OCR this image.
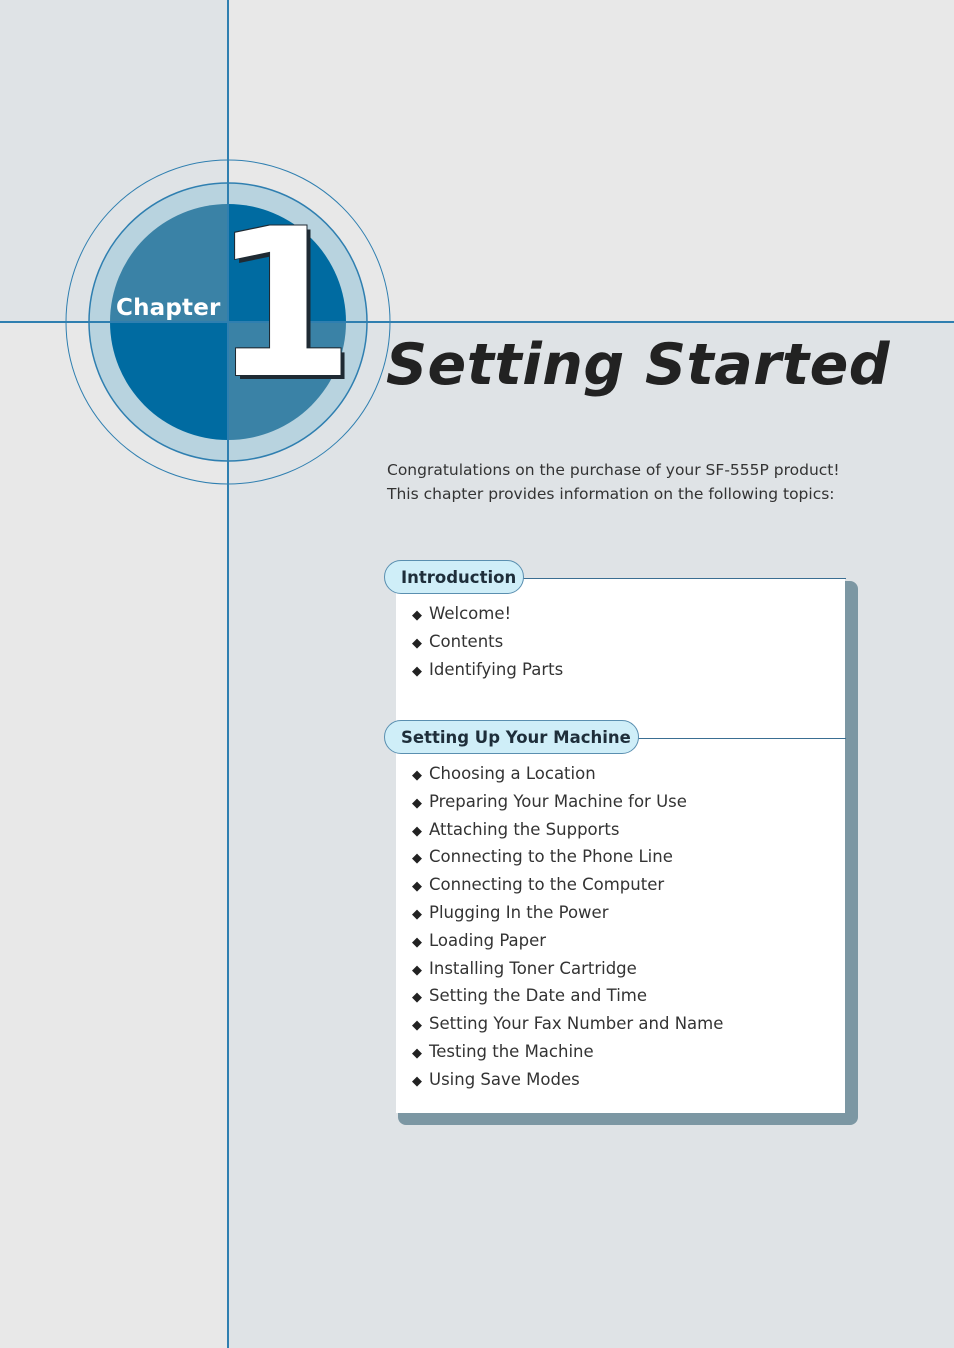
Chapter
1 Setting Started

Congratulations on the purchase of your SF-555P product!

This chapter provides information on the following topics:

Introduction
◆ Welcome!
◆ Contents
◆ Identifying Parts
Setting Up Your Machine
◆ Choosing a Location
◆ Preparing Your Machine for Use
◆ Attaching the Supports
◆ Connecting to the Phone Line
◆ Connecting to the Computer
◆ Plugging In the Power
◆ Loading Paper
◆ Installing Toner Cartridge
◆ Setting the Date and Time
◆ Setting Your Fax Number and Name
◆ Testing the Machine
◆ Using Save Modes
